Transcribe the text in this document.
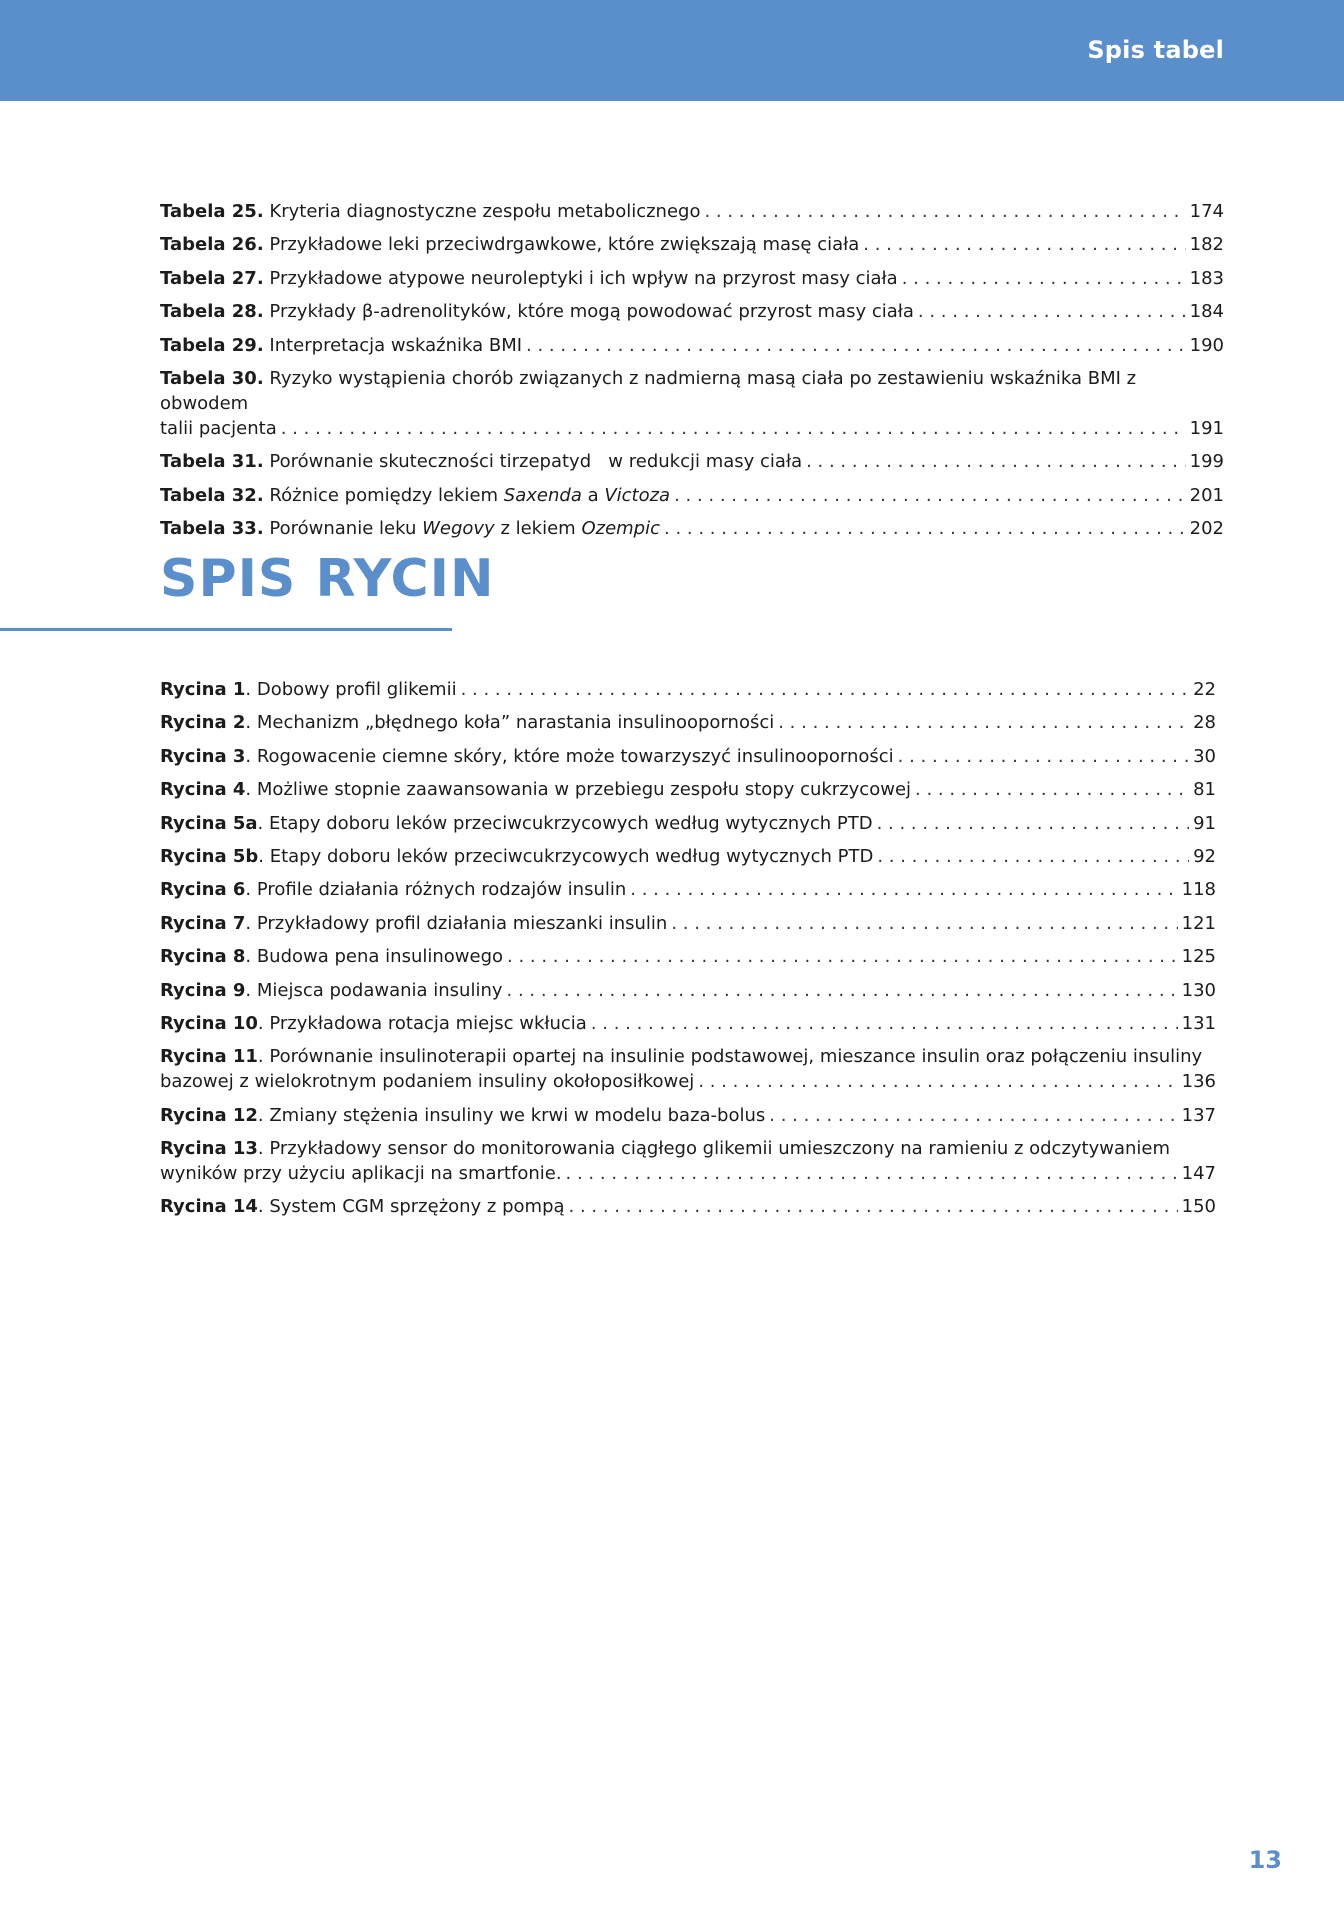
Spis tabel
Tabela 25. Kryteria diagnostyczne zespołu metabolicznego . . .	174
Tabela 26. Przykładowe leki przeciwdrgawkowe, które zwiększają masę ciała . . .	182
Tabela 27. Przykładowe atypowe neuroleptyki i ich wpływ na przyrost masy ciała . . .	183
Tabela 28. Przykłady β-adrenolityków, które mogą powodować przyrost masy ciała . . .	184
Tabela 29. Interpretacja wskaźnika BMI . . .	190
Tabela 30. Ryzyko wystąpienia chorób związanych z nadmierną masą ciała po zestawieniu wskaźnika BMI z obwodem
talii pacjenta . . .	191
Tabela 31. Porównanie skuteczności tirzepatyd   w redukcji masy ciała . . .	199
Tabela 32. Różnice pomiędzy lekiem Saxenda a Victoza . . .	201
Tabela 33. Porównanie leku Wegovy z lekiem Ozempic . . .	202
SPIS RYCIN
Rycina 1. Dobowy profil glikemii . . .	22
Rycina 2. Mechanizm „błędnego koła” narastania insulinooporności . . .	28
Rycina 3. Rogowacenie ciemne skóry, które może towarzyszyć insulinooporności . . .	30
Rycina 4. Możliwe stopnie zaawansowania w przebiegu zespołu stopy cukrzycowej . . .	81
Rycina 5a. Etapy doboru leków przeciwcukrzycowych według wytycznych PTD . . .	91
Rycina 5b. Etapy doboru leków przeciwcukrzycowych według wytycznych PTD . . .	92
Rycina 6. Profile działania różnych rodzajów insulin . . .	118
Rycina 7. Przykładowy profil działania mieszanki insulin . . .	121
Rycina 8. Budowa pena insulinowego . . .	125
Rycina 9. Miejsca podawania insuliny . . .	130
Rycina 10. Przykładowa rotacja miejsc wkłucia . . .	131
Rycina 11. Porównanie insulinoterapii opartej na insulinie podstawowej, mieszance insulin oraz połączeniu insuliny
bazowej z wielokrotnym podaniem insuliny okołoposiłkowej . . .	136
Rycina 12. Zmiany stężenia insuliny we krwi w modelu baza-bolus . . .	137
Rycina 13. Przykładowy sensor do monitorowania ciągłego glikemii umieszczony na ramieniu z odczytywaniem
wyników przy użyciu aplikacji na smartfonie. . . .	147
Rycina 14. System CGM sprzężony z pompą . . .	150
13
